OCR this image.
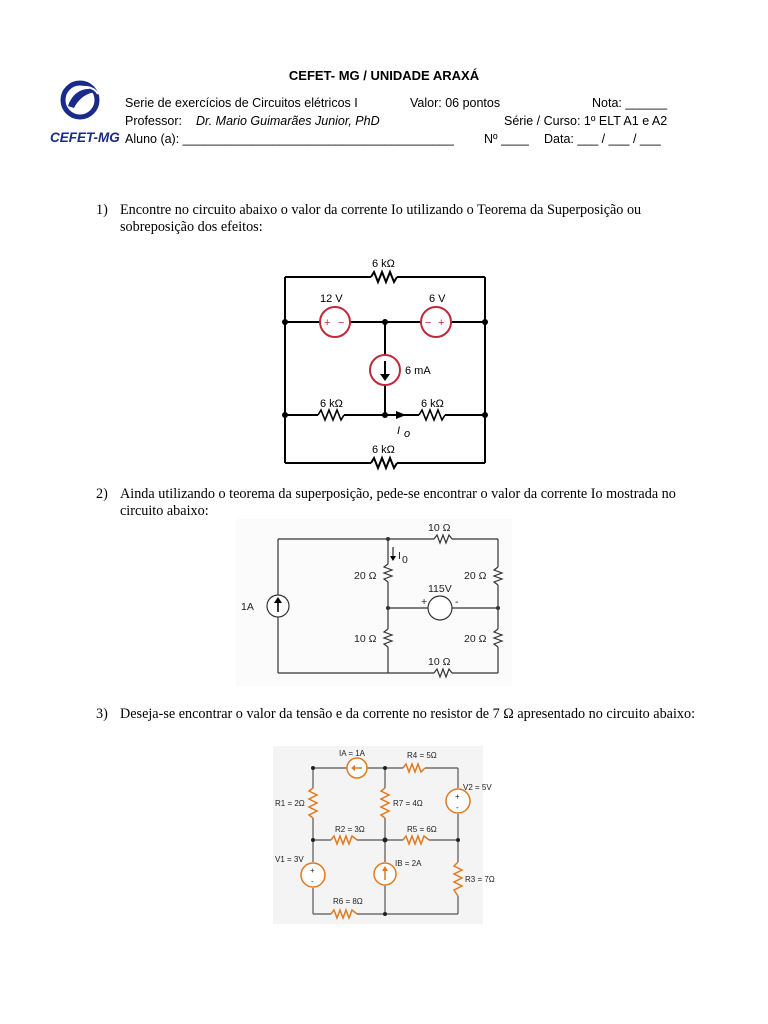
CEFET-MG
CEFET- MG / UNIDADE ARAXÁ
Serie de exercícios de Circuitos elétricos I	Valor: 06 pontos	Nota: ______
Professor: Dr. Mario Guimarães Junior, PhD	Série / Curso: 1º ELT A1 e A2
Aluno (a): _______________________________________ Nº ____ Data: ___ / ___ / ___
1) Encontre no circuito abaixo o valor da corrente Io utilizando o Teorema da Superposição ou sobreposição dos efeitos:
+ −	− +
6 kΩ
12 V	6 V
6 mA
6 kΩ	6 kΩ
I o
6 kΩ
2) Ainda utilizando o teorema da superposição, pede-se encontrar o valor da corrente Io mostrada no circuito abaixo:
+	-
10 Ω
I 0
20 Ω	20 Ω
115V
1A
10 Ω	20 Ω
10 Ω
3) Deseja-se encontrar o valor da tensão e da corrente no resistor de 7 Ω apresentado no circuito abaixo:
+
-
+
-
IA = 1A	R4 = 5Ω
V2 = 5V
R1 = 2Ω	R7 = 4Ω
R2 = 3Ω	R5 = 6Ω
V1 = 3V	IB = 2A
R3 = 7Ω
R6 = 8Ω
